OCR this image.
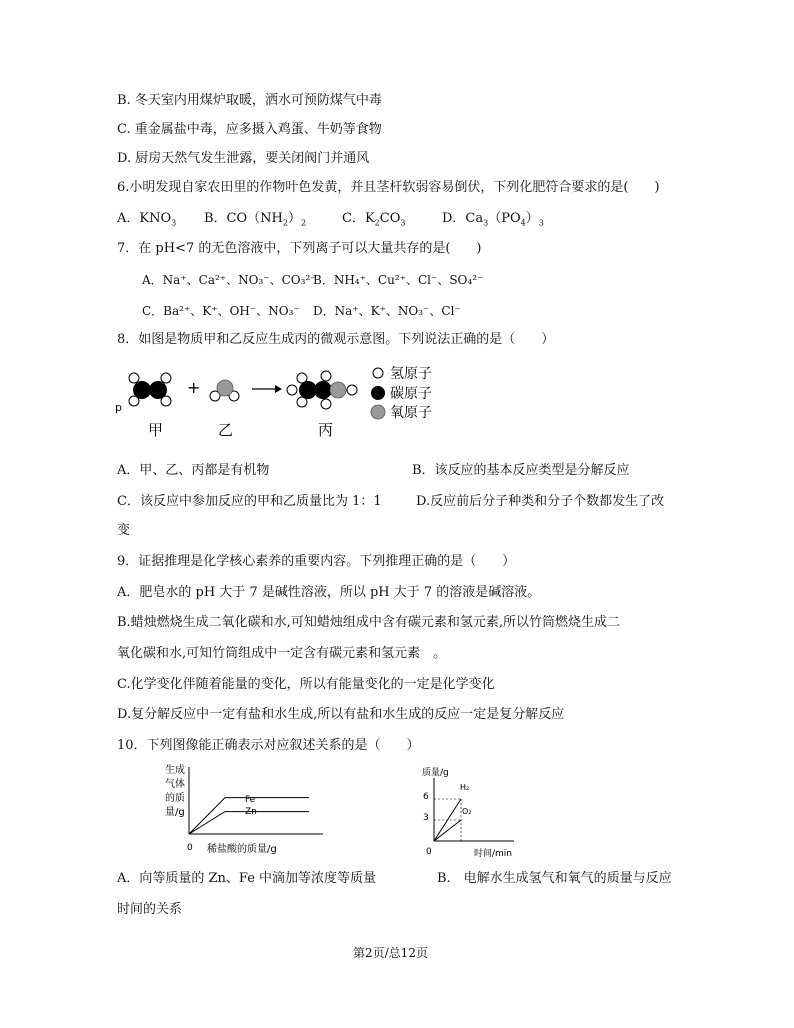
B. 冬天室内用煤炉取暖，洒水可预防煤气中毒
C. 重金属盐中毒，应多摄入鸡蛋、牛奶等食物
D. 厨房天然气发生泄露，要关闭阀门并通风
6.小明发现自家农田里的作物叶色发黄，并且茎杆软弱容易倒伏，下列化肥符合要求的是(　　)
A．$KNO_3$ B．$CO(NH_2)_2$	C．$K_2CO_3$	D．$Ca_3(PO_4)_3$
7．在 pH<7 的无色溶液中，下列离子可以大量共存的是(　　)
A．Na⁺、Ca²⁺、NO₃⁻、CO₃²⁻
B．NH₄⁺、Cu²⁺、Cl⁻、SO₄²⁻
C．Ba²⁺、K⁺、OH⁻、NO₃⁻ D．Na⁺、K⁺、NO₃⁻、Cl⁻
8．如图是物质甲和乙反应生成丙的微观示意图。下列说法正确的是（　　）
p
+
氢原子
碳原子
氧原子
甲	乙	丙
A．甲、乙、丙都是有机物	B．该反应的基本反应类型是分解反应
C．该反应中参加反应的甲和乙质量比为 1：1	D.反应前后分子种类和分子个数都发生了改
变
9．证据推理是化学核心素养的重要内容。下列推理正确的是（　　）
A．肥皂水的 pH 大于 7 是碱性溶液，所以 pH 大于 7 的溶液是碱溶液。
B.蜡烛燃烧生成二氧化碳和水,可知蜡烛组成中含有碳元素和氢元素,所以竹筒燃烧生成二
氧化碳和水,可知竹筒组成中一定含有碳元素和氢元素　。
C.化学变化伴随着能量的变化，所以有能量变化的一定是化学变化
D.复分解反应中一定有盐和水生成,所以有盐和水生成的反应一定是复分解反应
10．下列图像能正确表示对应叙述关系的是（　　）
生成
气体
的质
量/g
0 稀盐酸的质量/g
Fe
Zn
质量/g
0	时间/min
3
6
H₂
O₂
A．向等质量的 Zn、Fe 中滴加等浓度等质量	B.　电解水生成氢气和氧气的质量与反应
时间的关系
第2页/总12页
